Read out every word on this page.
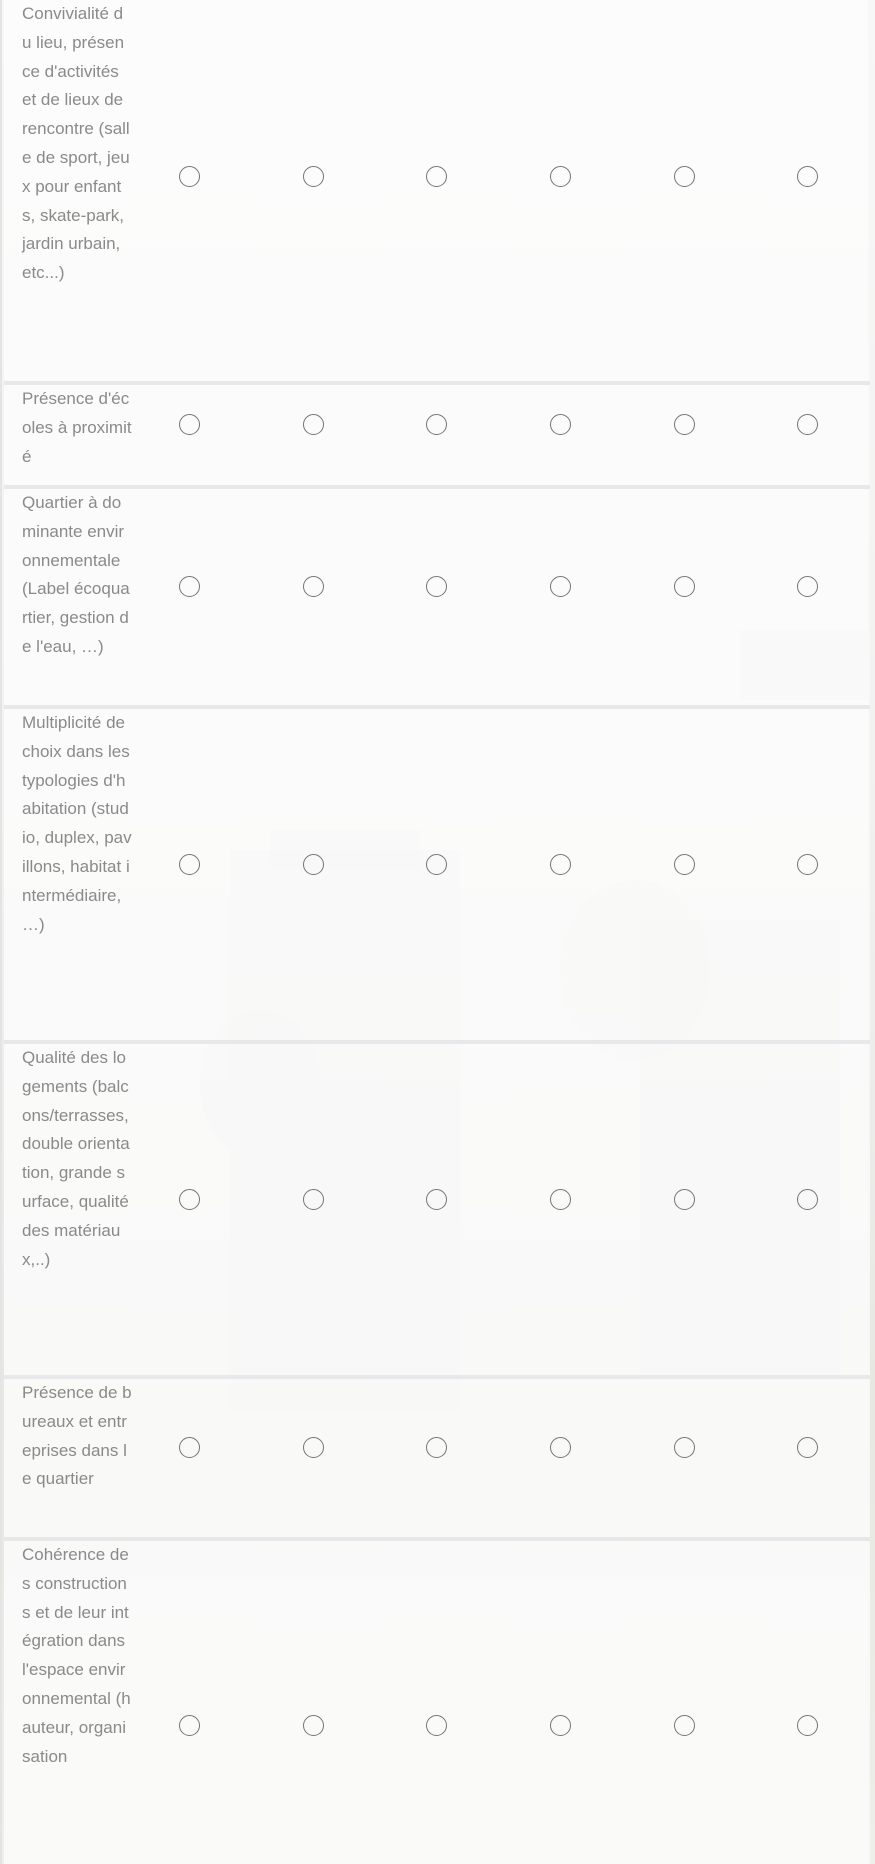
Convivialité du lieu, présence d'activités et de lieux de rencontre (salle de sport, jeux pour enfants, skate-park, jardin urbain, etc...)
Présence d'écoles à proximité
Quartier à dominante environnementale (Label écoquartier, gestion de l'eau, …)
Multiplicité de choix dans les typologies d'habitation (studio, duplex, pavillons, habitat intermédiaire, …)
Qualité des logements (balcons/terrasses, double orientation, grande surface, qualité des matériaux,..)
Présence de bureaux et entreprises dans le quartier
Cohérence des constructions et de leur intégration dans l'espace environnemental (hauteur, organisation
